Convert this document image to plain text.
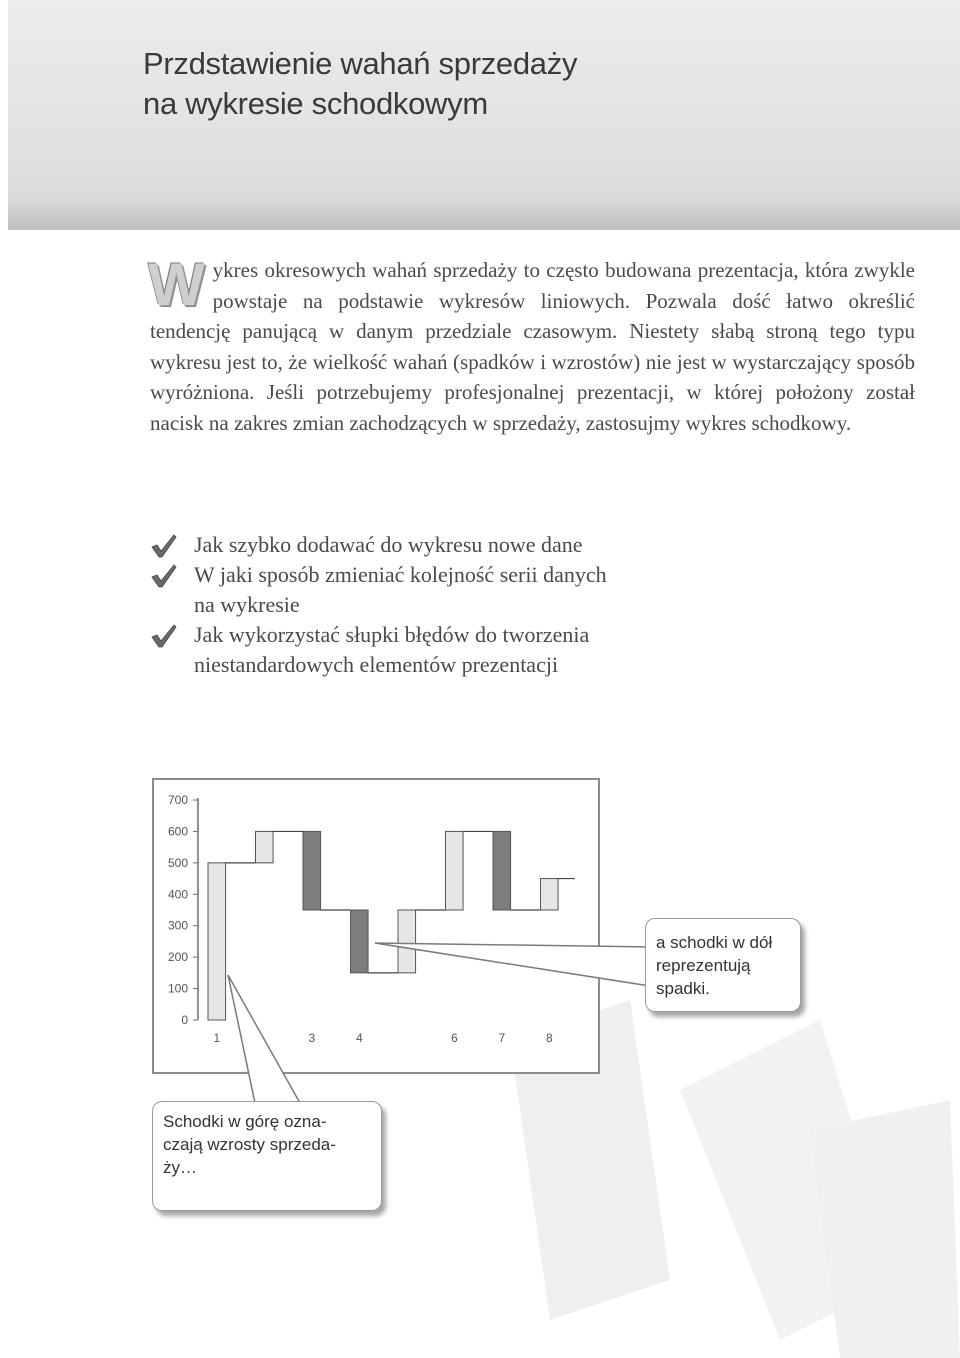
Przdstawienie wahań sprzedaży
na wykresie schodkowym
W ykres okresowych wahań sprzedaży to często budowana prezentacja, która zwykle powstaje na podstawie wykresów liniowych. Pozwala dość łatwo określić tendencję panującą w danym przedziale czasowym. Niestety słabą stroną tego typu wykresu jest to, że wielkość wahań (spadków i wzrostów) nie jest w wystarczający sposób wyróżniona. Jeśli potrzebujemy profesjonalnej prezentacji, w której położony został nacisk na zakres zmian zachodzących w sprzedaży, zastosujmy wykres schodkowy.
Jak szybko dodawać do wykresu nowe dane
W jaki sposób zmieniać kolejność serii danych
na wykresie
Jak wykorzystać słupki błędów do tworzenia
niestandardowych elementów prezentacji
0
100
200
300
400
500
600
700
1	3	4	6	7	8
a schodki w dół
reprezentują
spadki.
Schodki w górę ozna-
czają wzrosty sprzeda-
ży…
